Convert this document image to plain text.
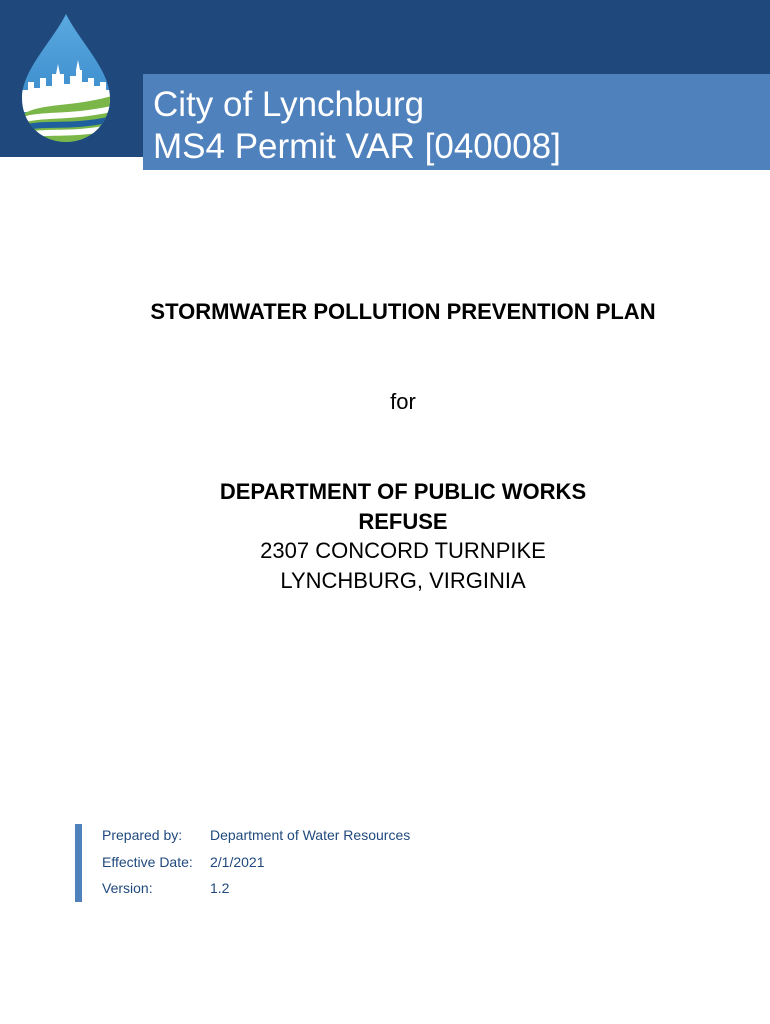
City of Lynchburg
MS4 Permit VAR [040008]
STORMWATER POLLUTION PREVENTION PLAN
for
DEPARTMENT OF PUBLIC WORKS
REFUSE
2307 CONCORD TURNPIKE
LYNCHBURG, VIRGINIA
Prepared by: Department of Water Resources
Effective Date: 2/1/2021
Version:	1.2
